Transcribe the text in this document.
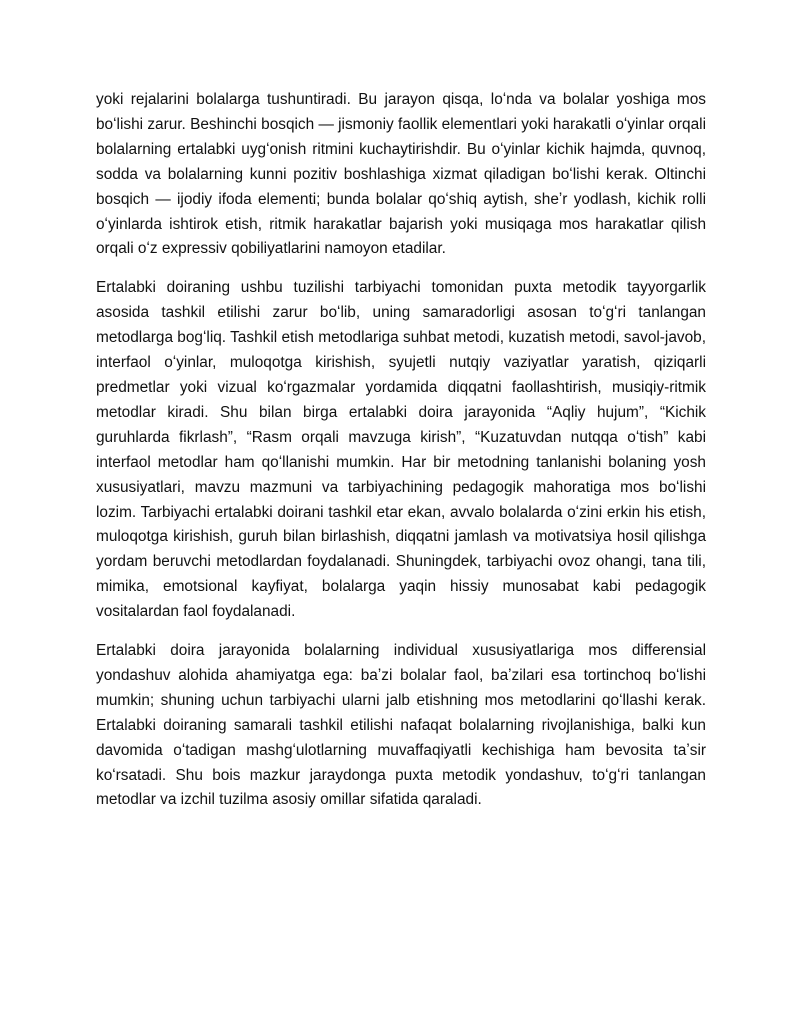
yoki rejalarini bolalarga tushuntiradi. Bu jarayon qisqa, loʻnda va bolalar yoshiga mos boʻlishi zarur. Beshinchi bosqich — jismoniy faollik elementlari yoki harakatli oʻyinlar orqali bolalarning ertalabki uygʻonish ritmini kuchaytirishdir. Bu oʻyinlar kichik hajmda, quvnoq, sodda va bolalarning kunni pozitiv boshlashiga xizmat qiladigan boʻlishi kerak. Oltinchi bosqich — ijodiy ifoda elementi; bunda bolalar qoʻshiq aytish, sheʼr yodlash, kichik rolli oʻyinlarda ishtirok etish, ritmik harakatlar bajarish yoki musiqaga mos harakatlar qilish orqali oʻz expressiv qobiliyatlarini namoyon etadilar.

Ertalabki doiraning ushbu tuzilishi tarbiyachi tomonidan puxta metodik tayyorgarlik asosida tashkil etilishi zarur boʻlib, uning samaradorligi asosan toʻgʻri tanlangan metodlarga bogʻliq. Tashkil etish metodlariga suhbat metodi, kuzatish metodi, savol-javob, interfaol oʻyinlar, muloqotga kirishish, syujetli nutqiy vaziyatlar yaratish, qiziqarli predmetlar yoki vizual koʻrgazmalar yordamida diqqatni faollashtirish, musiqiy-ritmik metodlar kiradi. Shu bilan birga ertalabki doira jarayonida “Aqliy hujum”, “Kichik guruhlarda fikrlash”, “Rasm orqali mavzuga kirish”, “Kuzatuvdan nutqqa oʻtish” kabi interfaol metodlar ham qoʻllanishi mumkin. Har bir metodning tanlanishi bolaning yosh xususiyatlari, mavzu mazmuni va tarbiyachining pedagogik mahoratiga mos boʻlishi lozim. Tarbiyachi ertalabki doirani tashkil etar ekan, avvalo bolalarda oʻzini erkin his etish, muloqotga kirishish, guruh bilan birlashish, diqqatni jamlash va motivatsiya hosil qilishga yordam beruvchi metodlardan foydalanadi. Shuningdek, tarbiyachi ovoz ohangi, tana tili, mimika, emotsional kayfiyat, bolalarga yaqin hissiy munosabat kabi pedagogik vositalardan faol foydalanadi.

Ertalabki doira jarayonida bolalarning individual xususiyatlariga mos differensial yondashuv alohida ahamiyatga ega: baʼzi bolalar faol, baʼzilari esa tortinchoq boʻlishi mumkin; shuning uchun tarbiyachi ularni jalb etishning mos metodlarini qoʻllashi kerak. Ertalabki doiraning samarali tashkil etilishi nafaqat bolalarning rivojlanishiga, balki kun davomida oʻtadigan mashgʻulotlarning muvaffaqiyatli kechishiga ham bevosita taʼsir koʻrsatadi. Shu bois mazkur jaraydonga puxta metodik yondashuv, toʻgʻri tanlangan metodlar va izchil tuzilma asosiy omillar sifatida qaraladi.
